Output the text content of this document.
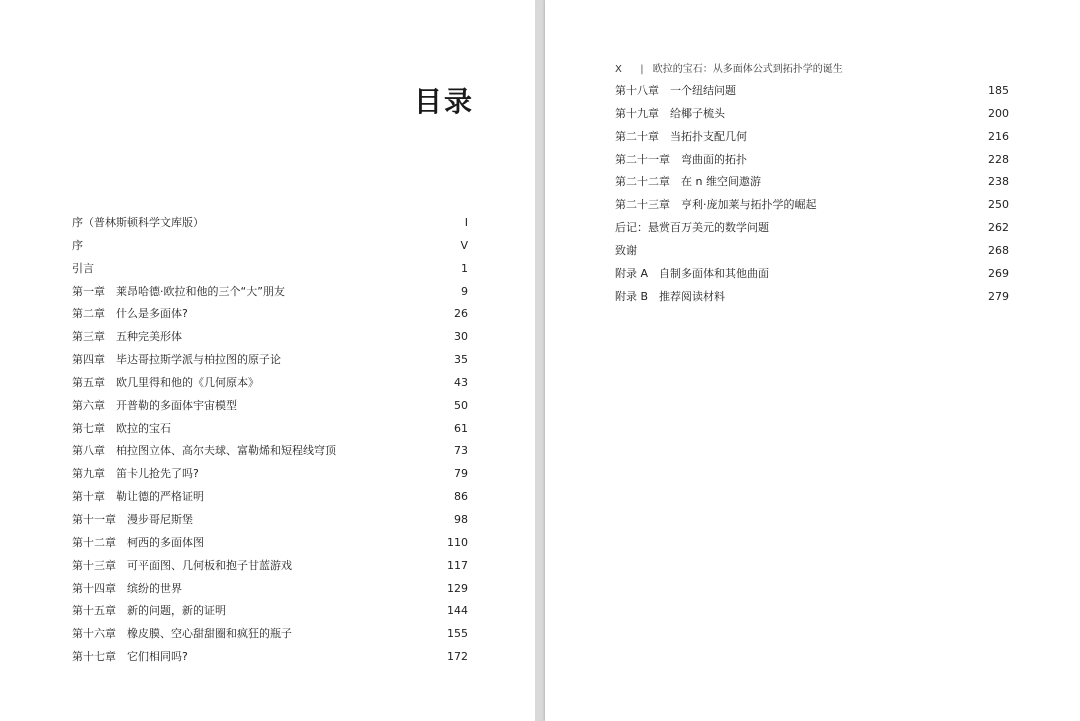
目录
序（普林斯顿科学文库版）	I
序	V
引言	1
第一章　莱昂哈德·欧拉和他的三个“大”朋友	9
第二章　什么是多面体?	26
第三章　五种完美形体	30
第四章　毕达哥拉斯学派与柏拉图的原子论	35
第五章　欧几里得和他的《几何原本》	43
第六章　开普勒的多面体宇宙模型	50
第七章　欧拉的宝石	61
第八章　柏拉图立体、高尔夫球、富勒烯和短程线穹顶	73
第九章　笛卡儿抢先了吗?	79
第十章　勒让德的严格证明	86
第十一章　漫步哥尼斯堡	98
第十二章　柯西的多面体图	110
第十三章　可平面图、几何板和抱子甘蓝游戏	117
第十四章　缤纷的世界	129
第十五章　新的问题，新的证明	144
第十六章　橡皮膜、空心甜甜圈和疯狂的瓶子	155
第十七章　它们相同吗?	172
X | 欧拉的宝石：从多面体公式到拓扑学的诞生
第十八章　一个纽结问题	185
第十九章　给椰子梳头	200
第二十章　当拓扑支配几何	216
第二十一章　弯曲面的拓扑	228
第二十二章　在 n 维空间遨游	238
第二十三章　亨利·庞加莱与拓扑学的崛起	250
后记：悬赏百万美元的数学问题	262
致谢	268
附录 A　自制多面体和其他曲面	269
附录 B　推荐阅读材料	279
